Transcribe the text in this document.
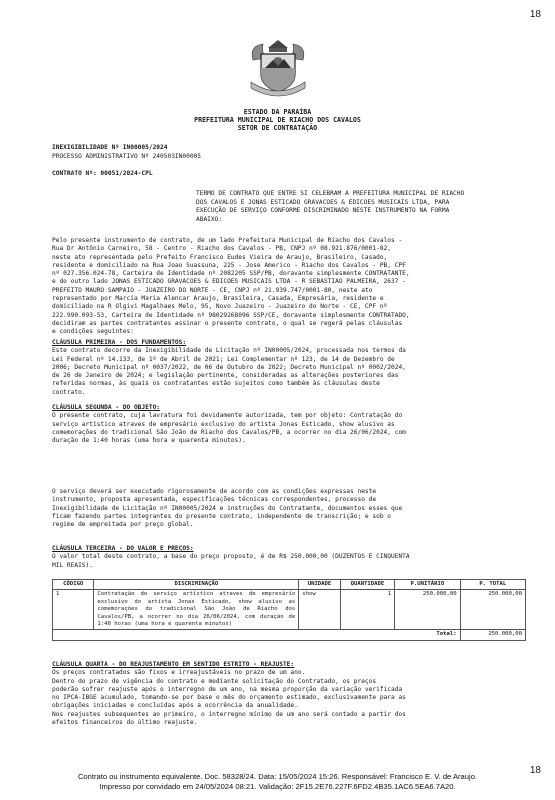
18
ESTADO DA PARAÍBA
PREFEITURA MUNICIPAL DE RIACHO DOS CAVALOS
SETOR DE CONTRATAÇÃO
INEXIGIBILIDADE Nº IN00005/2024
PROCESSO ADMINISTRATIVO Nº 240503IN00005
CONTRATO Nº: 00051/2024-CPL
TERMO DE CONTRATO QUE ENTRE SI CELEBRAM A PREFEITURA MUNICIPAL DE RIACHO
DOS CAVALOS E JONAS ESTICADO GRAVACOES & EDICOES MUSICAIS LTDA, PARA
EXECUÇÃO DE SERVIÇO CONFORME DISCRIMINADO NESTE INSTRUMENTO NA FORMA
ABAIXO:
Pelo presente instrumento de contrato, de um lado Prefeitura Municipal de Riacho dos Cavalos -
Rua Dr Antônio Carneiro, 58 - Centro - Riacho dos Cavalos - PB, CNPJ nº 08.921.876/0001-82,
neste ato representada pelo Prefeito Francisco Eudes Vieira de Araujo, Brasileiro, Casado,
residente e domiciliado na Rua Joao Suassuna, 225 - Jose Americo - Riacho dos Cavalos - PB, CPF
nº 027.356.024-78, Carteira de Identidade nº 2082205 SSP/PB, doravante simplesmente CONTRATANTE,
e do outro lado JONAS ESTICADO GRAVACOES & EDICOES MUSICAIS LTDA - R SEBASTIAO PALMEIRA, 2637 -
PREFEITO MAURO SAMPAIO - JUAZEIRO DO NORTE - CE, CNPJ nº 21.939.747/0001-80, neste ato
representado por Marcia Maria Alencar Araujo, Brasileira, Casada, Empresária, residente e
domiciliado na R Olgivi Magalhaes Melo, 95, Novo Juazeiro - Juazeiro do Norte - CE, CPF nº
222.990.093-53, Carteira de Identidade nº 98029268096 SSP/CE, doravante simplesmente CONTRATADO,
decidiram as partes contratantes assinar o presente contrato, o qual se regerá pelas cláusulas
e condições seguintes:
CLÁUSULA PRIMEIRA - DOS FUNDAMENTOS:
Este contrato decorre da Inexigibilidade de Licitação nº IN00005/2024, processada nos termos da
Lei Federal nº 14.133, de 1º de Abril de 2021; Lei Complementar nº 123, de 14 de Dezembro de
2006; Decreto Municipal nº 0037/2022, de 06 de Outubro de 2022; Decreto Municipal nº 0002/2024,
de 26 de Janeiro de 2024; e legislação pertinente, consideradas as alterações posteriores das
referidas normas, às quais os contratantes estão sujeitos como também às cláusulas deste
contrato.
CLÁUSULA SEGUNDA - DO OBJETO:
O presente contrato, cuja lavratura foi devidamente autorizada, tem por objeto: Contratação do
serviço artístico atraves de empresário exclusivo do artista Jonas Esticado, show alusivo as
comemorações do tradicional São João de Riacho dos Cavalos/PB, a ocorrer no dia 26/06/2024, com
duração de 1:40 horas (uma hora e quarenta minutos).
O serviço deverá ser executado rigorosamente de acordo com as condições expressas neste
instrumento, proposta apresentada, especificações técnicas correspondentes, processo de
Inexigibilidade de Licitação nº IN00005/2024 e instruções do Contratante, documentos esses que
ficam fazendo partes integrantes do presente contrato, independente de transcrição; e sob o
regime de empreitada por preço global.
CLÁUSULA TERCEIRA - DO VALOR E PREÇOS:
O valor total deste contrato, a base do preço proposto, é de R$ 250.000,00 (DUZENTOS E CINQUENTA
MIL REAIS).
CÓDIGO	DISCRIMINAÇÃO	UNIDADE	QUANTIDADE	P.UNITÁRIO	P. TOTAL
1	Contratação do serviço artístico atraves de empresário exclusivo do artista Jonas Esticado, show alusivo as comemorações do tradicional São João de Riacho dos Cavalos/PB, a ocorrer no dia 26/06/2024, com duração de 1:40 horas (uma hora e quarenta minutos)	show	1	250.000,00	250.000,00
Total:					250.000,00
CLÁUSULA QUARTA - DO REAJUSTAMENTO EM SENTIDO ESTRITO - REAJUSTE:
Os preços contratados são fixos e irreajustáveis no prazo de um ano.
Dentro do prazo de vigência do contrato e mediante solicitação do Contratado, os preços
poderão sofrer reajuste após o interregno de um ano, na mesma proporção da variação verificada
no IPCA-IBGE acumulado, tomando-se por base o mês do orçamento estimado, exclusivamente para as
obrigações iniciadas e concluídas após a ocorrência da anualidade.
Nos reajustes subsequentes ao primeiro, o interregno mínimo de um ano será contado a partir dos
efeitos financeiros do último reajuste.
Contrato ou instrumento equivalente. Doc. 58328/24. Data: 15/05/2024 15:26. Responsável: Francisco E. V. de Araujo.
Impresso por convidado em 24/05/2024 08:21. Validação: 2F15.2E76.227F.6FD2.4B35.1AC6.5EA6.7A20.
18
